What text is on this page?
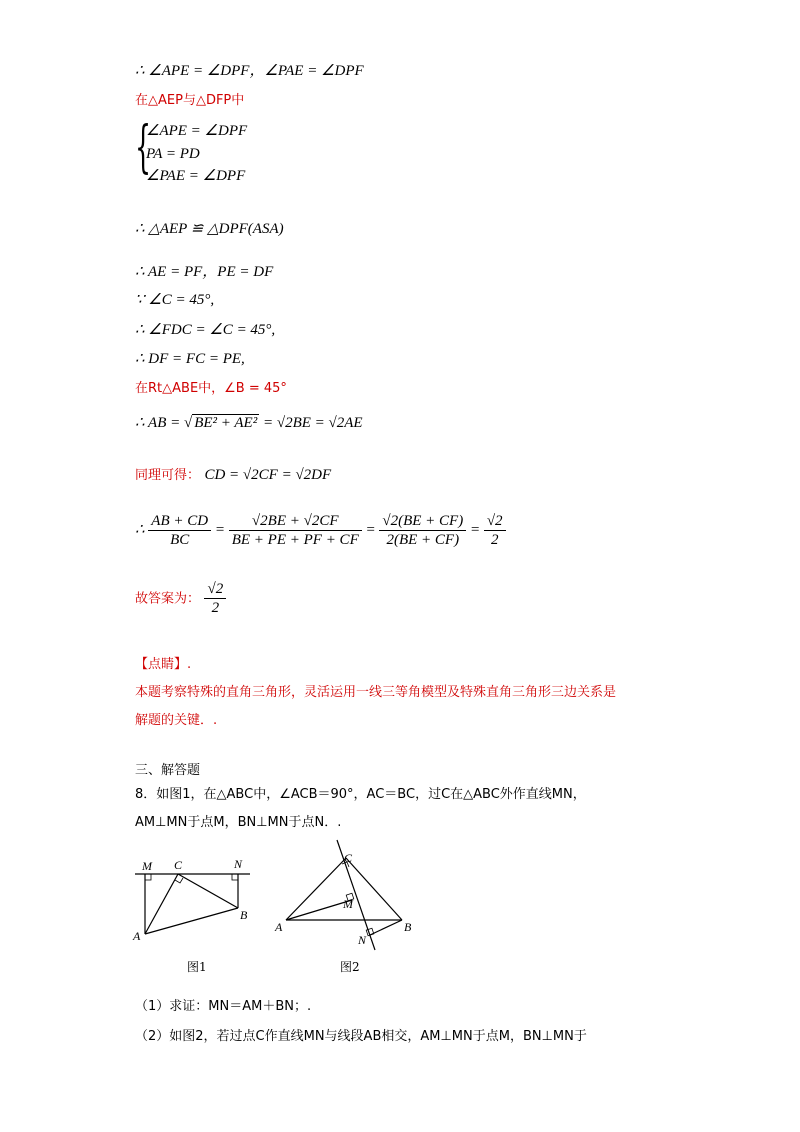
∴ ∠APE = ∠DPF，∠PAE = ∠DPF
在△AEP与△DFP中
{
∠APE = ∠DPF
PA = PD
∠PAE = ∠DPF
∴ △AEP ≌ △DPF(ASA)
∴ AE = PF，PE = DF
∵ ∠C = 45°,
∴ ∠FDC = ∠C = 45°,
∴ DF = FC = PE,
在Rt△ABE中，∠B = 45°
∴ AB = √ BE² + AE² = √2BE = √2AE
同理可得： CD = √2CF = √2DF
∴ $\frac{AB + CD}{BC} = \frac{√2BE + √2CF}{BE + PE + PF + CF} = \frac{√2(BE + CF)}{2(BE + CF)} = \frac{√2}{2}$
故答案为： $\frac{√2}{2}$
【点睛】.
本题考察特殊的直角三角形，灵活运用一线三等角模型及特殊直角三角形三边关系是
解题的关键．.
三、解答题
8．如图1，在△ABC中，∠ACB＝90°，AC＝BC，过C在△ABC外作直线MN，
AM⊥MN于点M，BN⊥MN于点N．.
M C	N
A
B
图1
C
M
A	B
N
图2
（1）求证：MN＝AM＋BN；.
（2）如图2，若过点C作直线MN与线段AB相交，AM⊥MN于点M，BN⊥MN于
